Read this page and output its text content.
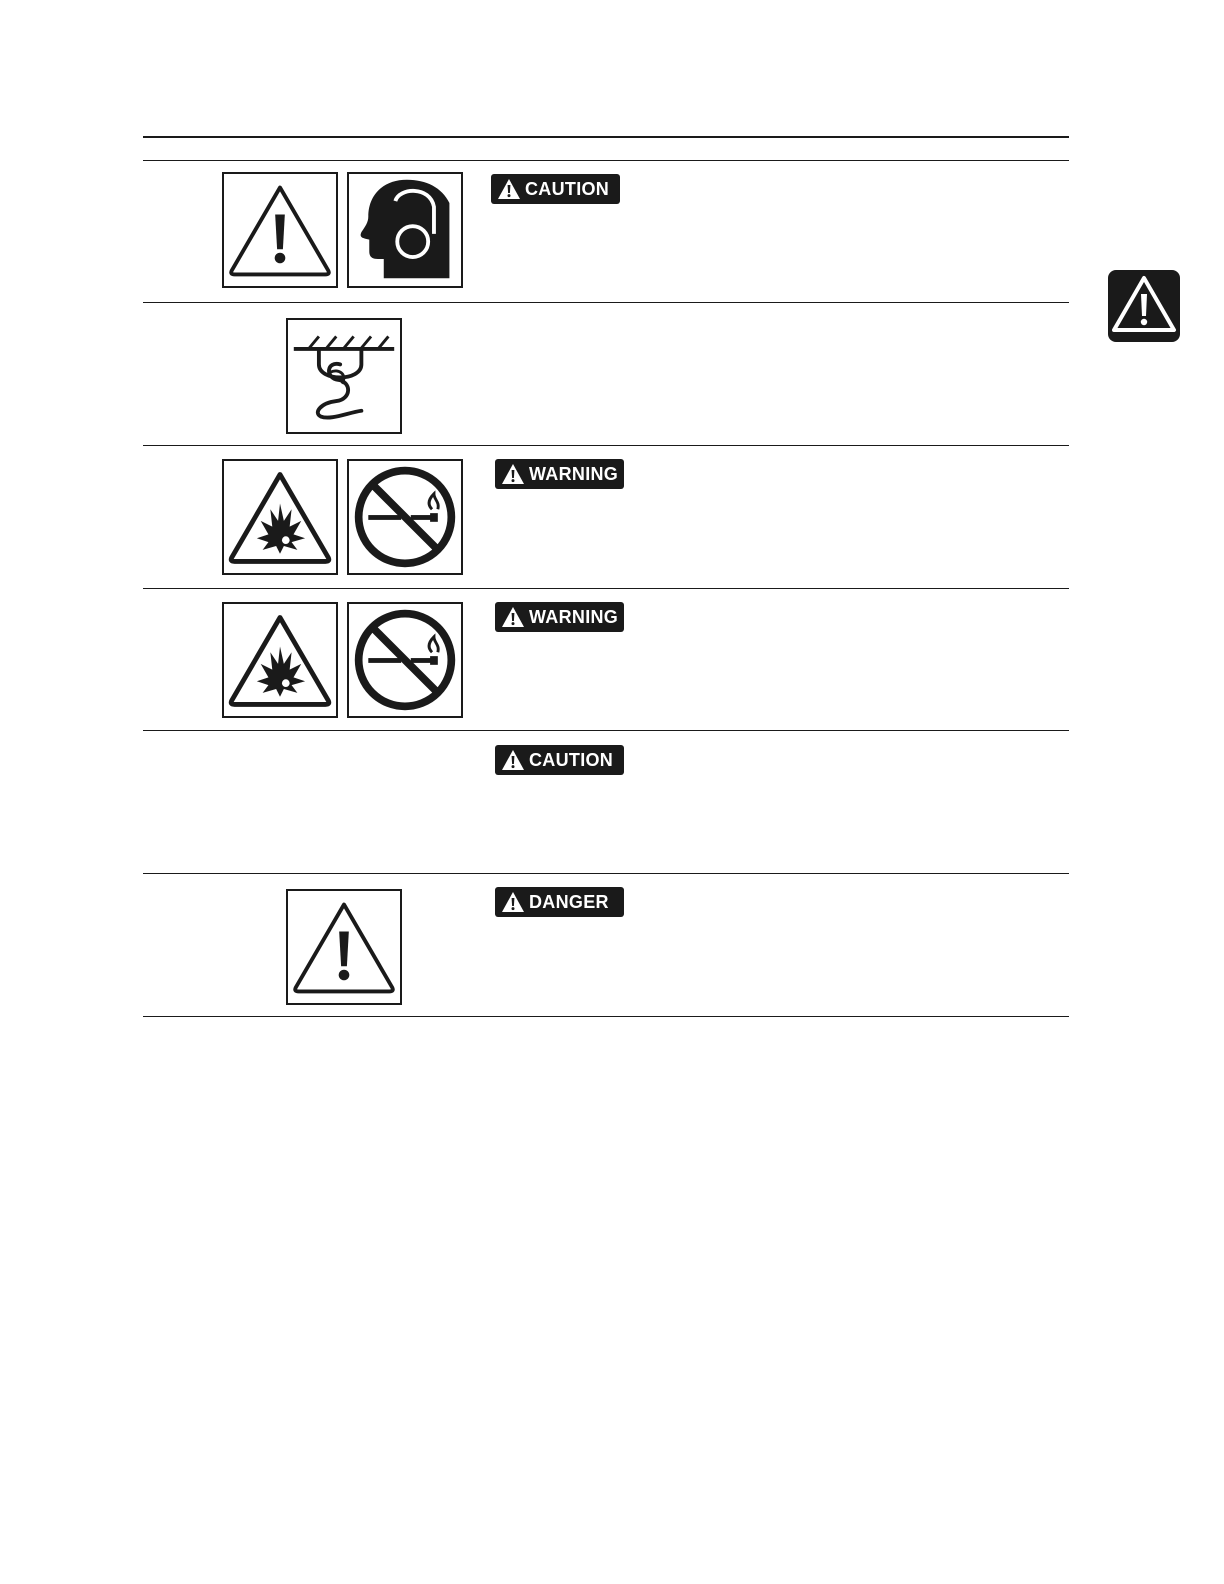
CAUTION
WARNING
WARNING
CAUTION
DANGER
